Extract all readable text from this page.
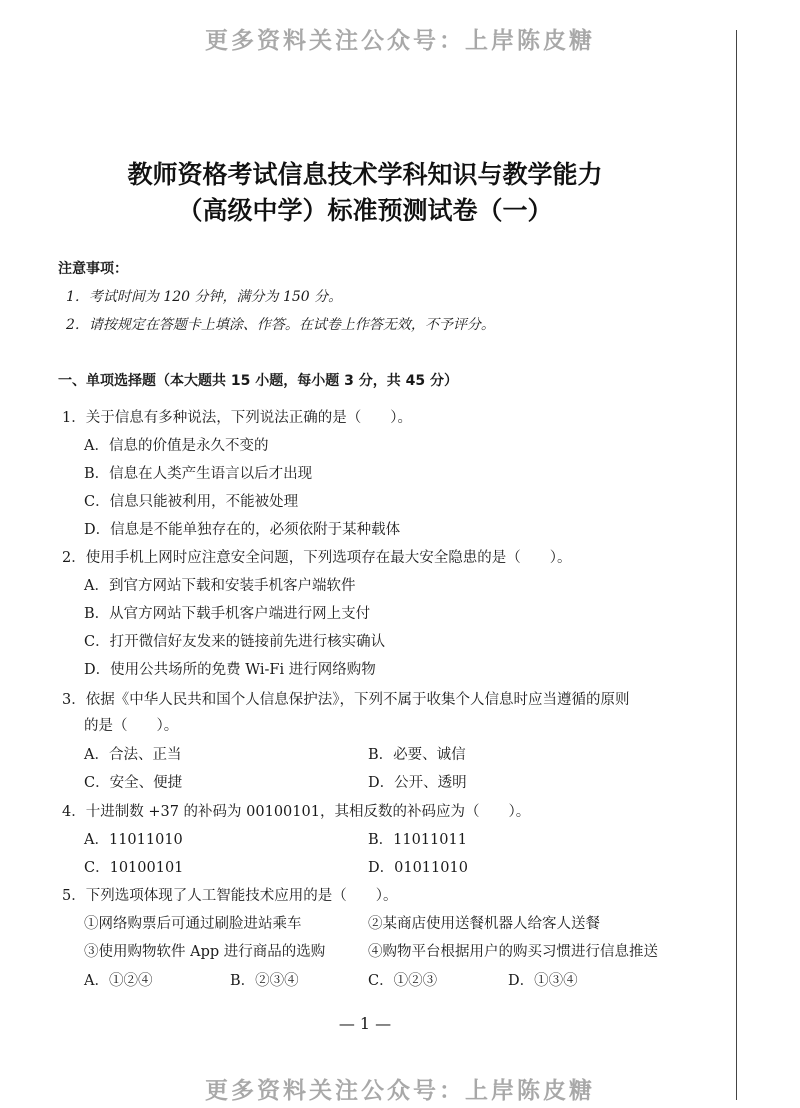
更多资料关注公众号：上岸陈皮糖
教师资格考试信息技术学科知识与教学能力
（高级中学）标准预测试卷（一）
注意事项：
1．考试时间为 120 分钟，满分为 150 分。
2．请按规定在答题卡上填涂、作答。在试卷上作答无效，不予评分。
一、单项选择题（本大题共 15 小题，每小题 3 分，共 45 分）
1．关于信息有多种说法，下列说法正确的是（　　）。
A．信息的价值是永久不变的
B．信息在人类产生语言以后才出现
C．信息只能被利用，不能被处理
D．信息是不能单独存在的，必须依附于某种载体
2．使用手机上网时应注意安全问题，下列选项存在最大安全隐患的是（　　）。
A．到官方网站下载和安装手机客户端软件
B．从官方网站下载手机客户端进行网上支付
C．打开微信好友发来的链接前先进行核实确认
D．使用公共场所的免费 Wi-Fi 进行网络购物
3．依据《中华人民共和国个人信息保护法》，下列不属于收集个人信息时应当遵循的原则
的是（　　）。
A．合法、正当	B．必要、诚信
C．安全、便捷	D．公开、透明
4．十进制数 +37 的补码为 00100101，其相反数的补码应为（　　）。
A．11011010	B．11011011
C．10100101	D．01011010
5．下列选项体现了人工智能技术应用的是（　　）。
①网络购票后可通过刷脸进站乘车	②某商店使用送餐机器人给客人送餐
③使用购物软件 App 进行商品的选购	④购物平台根据用户的购买习惯进行信息推送
A．①②④	B．②③④	C．①②③	D．①③④
— 1 —
更多资料关注公众号：上岸陈皮糖
